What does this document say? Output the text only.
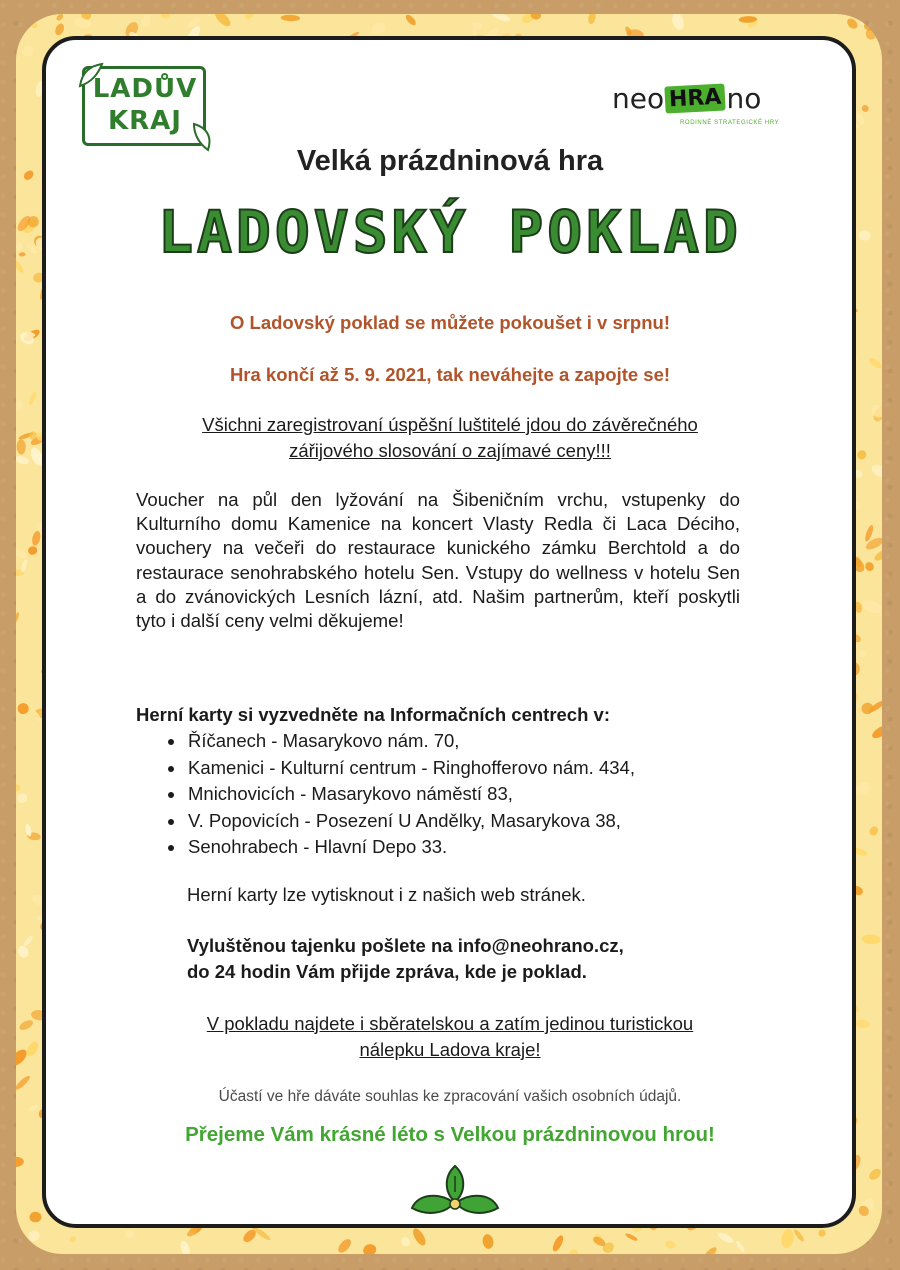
LADŮV
KRAJ
neo HRA no
RODINNÉ STRATEGICKÉ HRY
Velká prázdninová hra
LADOVSKÝ POKLAD
O Ladovský poklad se můžete pokoušet i v srpnu!
Hra končí až 5. 9. 2021, tak neváhejte a zapojte se!
Všichni zaregistrovaní úspěšní luštitelé jdou do závěrečného
zářijového slosování o zajímavé ceny!!!
Voucher na půl den lyžování na Šibeničním vrchu, vstupenky do Kulturního domu Kamenice na koncert Vlasty Redla či Laca Déciho, vouchery na večeři do restaurace kunického zámku Berchtold a do restaurace senohrabského hotelu Sen. Vstupy do wellness v hotelu Sen a do zvánovických Lesních lázní, atd. Našim partnerům, kteří poskytli tyto i další ceny velmi děkujeme!
Herní karty si vyzvedněte na Informačních centrech v:
• Říčanech - Masarykovo nám. 70,
• Kamenici - Kulturní centrum - Ringhofferovo nám. 434,
• Mnichovicích - Masarykovo náměstí 83,
• V. Popovicích - Posezení U Andělky, Masarykova 38,
• Senohrabech - Hlavní Depo 33.
Herní karty lze vytisknout i z našich web stránek.
Vyluštěnou tajenku pošlete na info@neohrano.cz,
do 24 hodin Vám přijde zpráva, kde je poklad.
V pokladu najdete i sběratelskou a zatím jedinou turistickou
nálepku Ladova kraje!
Účastí ve hře dáváte souhlas ke zpracování vašich osobních údajů.
Přejeme Vám krásné léto s Velkou prázdninovou hrou!
